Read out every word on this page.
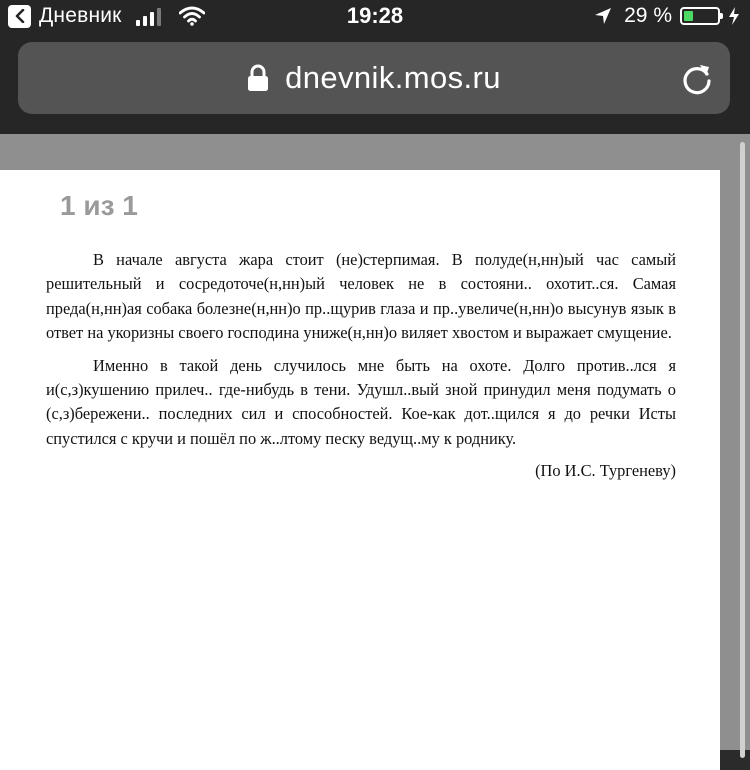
Дневник	19:28	29 %
dnevnik.mos.ru
1 из 1

В начале августа жара стоит (не)стерпимая. В полуде(н,нн)ый час самый решительный и сосредоточе(н,нн)ый человек не в состояни.. охотит..ся. Самая преда(н,нн)ая собака болезне(н,нн)о пр..щурив глаза и пр..увеличе(н,нн)о высунув язык в ответ на укоризны своего господина униже(н,нн)о виляет хвостом и выражает смущение.

Именно в такой день случилось мне быть на охоте. Долго против..лся я и(с,з)кушению прилеч.. где-нибудь в тени. Удушл..вый зной принудил меня подумать о (с,з)бережени.. последних сил и способностей. Кое-как дот..щился я до речки Исты спустился с кручи и пошёл по ж..лтому песку ведущ..му к роднику.

(По И.С. Тургеневу)
